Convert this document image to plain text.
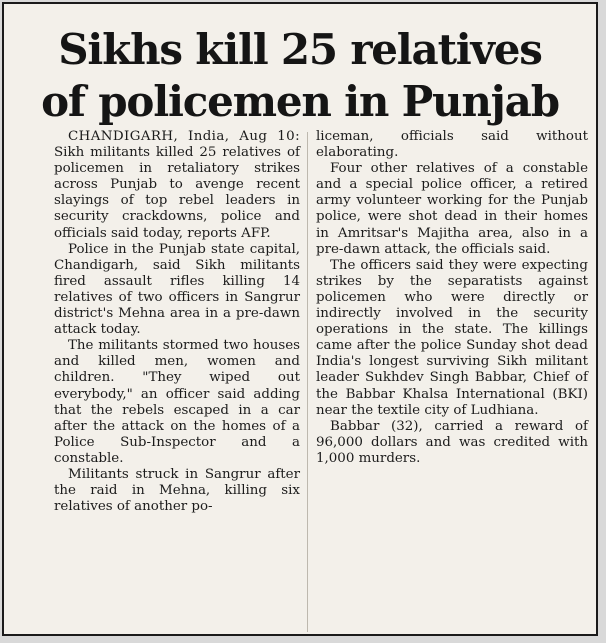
Sikhs kill 25 relatives
of policemen in Punjab

CHANDIGARH, India, Aug 10: Sikh militants killed 25 relatives of policemen in retaliatory strikes across Punjab to avenge recent slayings of top rebel leaders in security crackdowns, police and officials said today, reports AFP.

Police in the Punjab state capital, Chandigarh, said Sikh militants fired assault rifles killing 14 relatives of two officers in Sangrur district's Mehna area in a pre-dawn attack today.

The militants stormed two houses and killed men, women and children. "They wiped out everybody," an officer said adding that the rebels escaped in a car after the attack on the homes of a Police Sub-Inspector and a constable.

Militants struck in Sangrur after the raid in Mehna, killing six relatives of another po-

liceman, officials said without elaborating.

Four other relatives of a constable and a special police officer, a retired army volunteer working for the Punjab police, were shot dead in their homes in Amritsar's Majitha area, also in a pre-dawn attack, the officials said.

The officers said they were expecting strikes by the separatists against policemen who were directly or indirectly involved in the security operations in the state. The killings came after the police Sunday shot dead India's longest surviving Sikh militant leader Sukhdev Singh Babbar, Chief of the Babbar Khalsa International (BKI) near the textile city of Ludhiana.

Babbar (32), carried a reward of 96,000 dollars and was credited with 1,000 murders.
